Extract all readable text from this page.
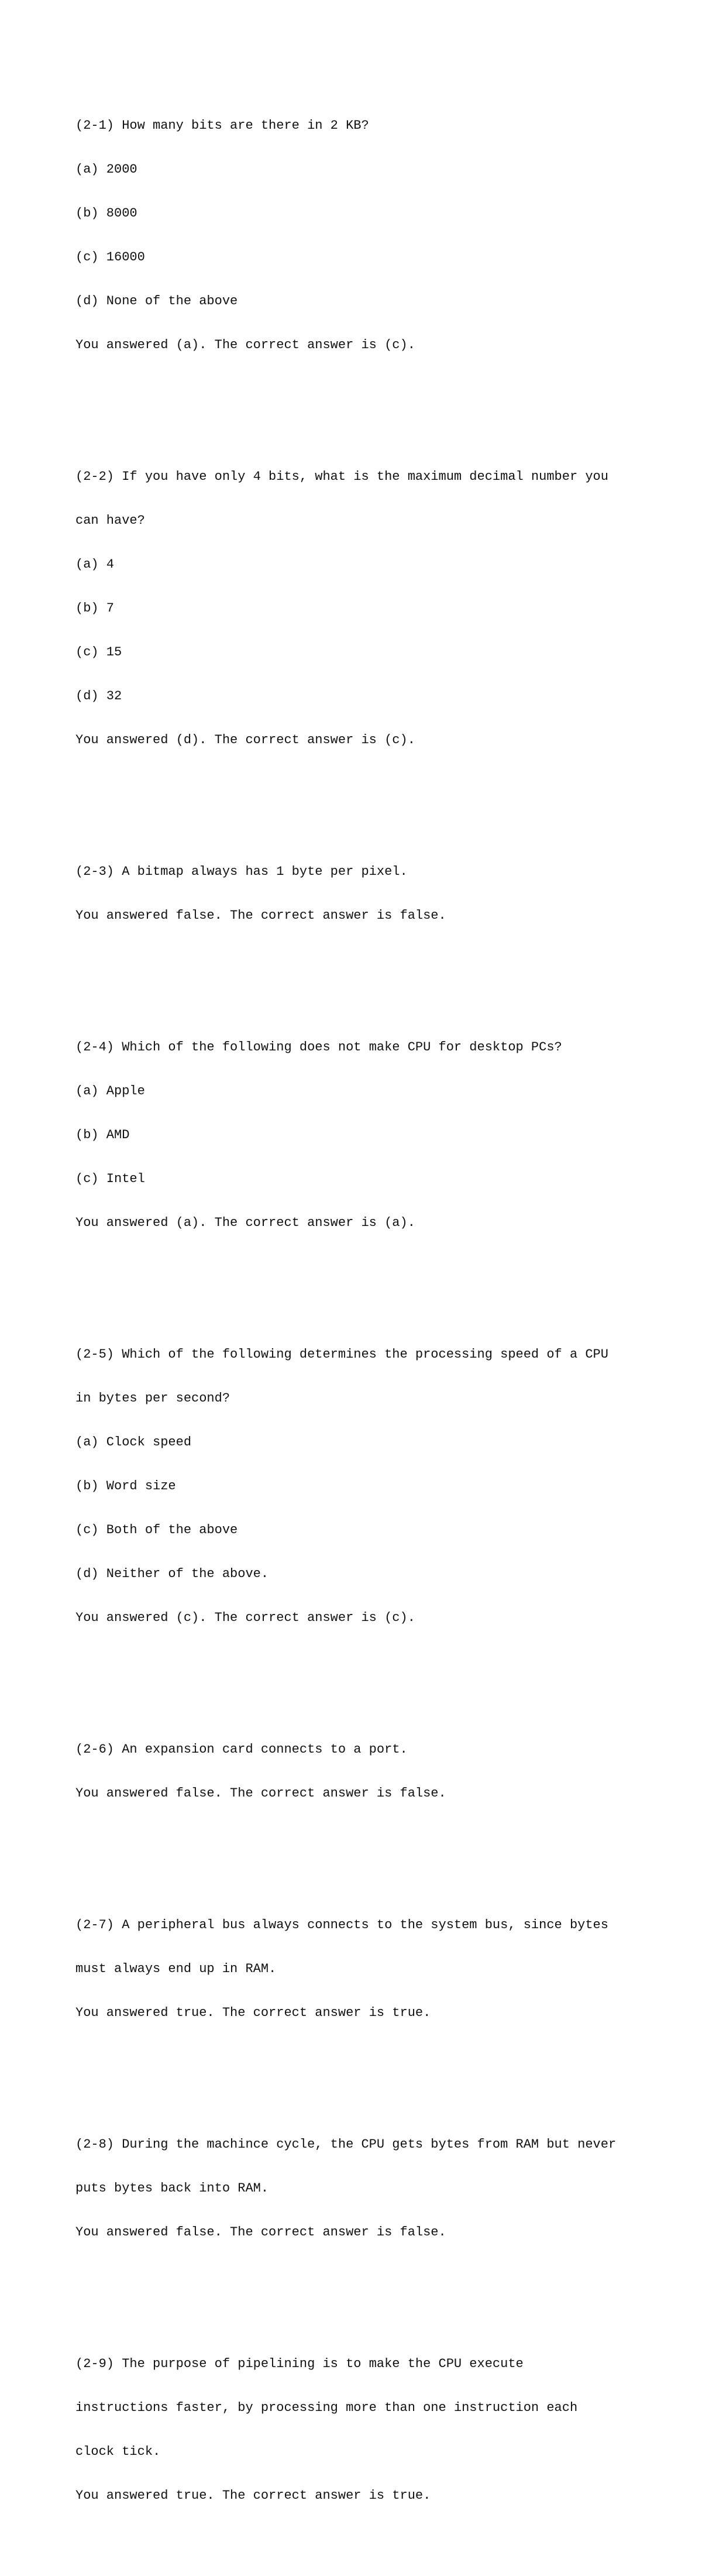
(2-1) How many bits are there in 2 KB?

(a) 2000

(b) 8000

(c) 16000

(d) None of the above

You answered (a). The correct answer is (c).

(2-2) If you have only 4 bits, what is the maximum decimal number you

can have?

(a) 4

(b) 7

(c) 15

(d) 32

You answered (d). The correct answer is (c).

(2-3) A bitmap always has 1 byte per pixel.

You answered false. The correct answer is false.

(2-4) Which of the following does not make CPU for desktop PCs?

(a) Apple

(b) AMD

(c) Intel

You answered (a). The correct answer is (a).

(2-5) Which of the following determines the processing speed of a CPU

in bytes per second?

(a) Clock speed

(b) Word size

(c) Both of the above

(d) Neither of the above.

You answered (c). The correct answer is (c).

(2-6) An expansion card connects to a port.

You answered false. The correct answer is false.

(2-7) A peripheral bus always connects to the system bus, since bytes

must always end up in RAM.

You answered true. The correct answer is true.

(2-8) During the machince cycle, the CPU gets bytes from RAM but never

puts bytes back into RAM.

You answered false. The correct answer is false.

(2-9) The purpose of pipelining is to make the CPU execute

instructions faster, by processing more than one instruction each

clock tick.

You answered true. The correct answer is true.
